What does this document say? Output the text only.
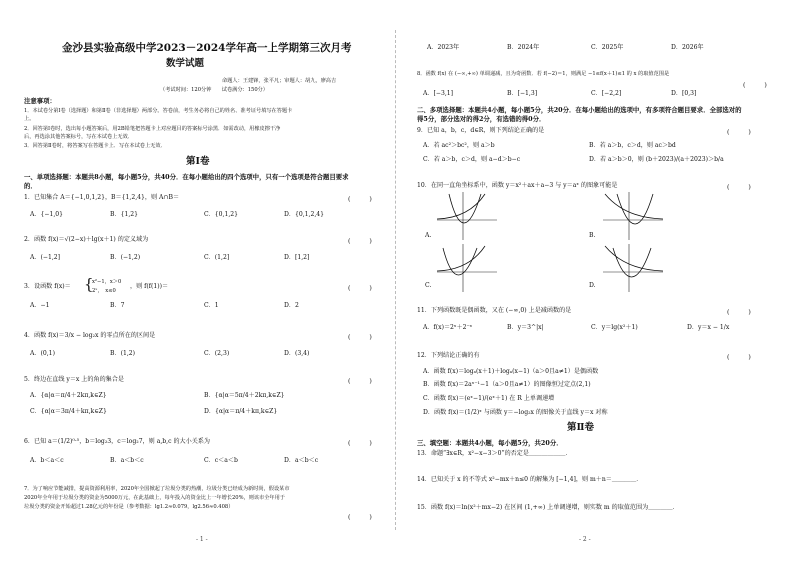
金沙县实验高级中学2023－2024学年高一上学期第三次月考
数学试题
命题人：王建锋，张平凡；审题人：胡九，廖高吉
（考试时间：120分钟　　试卷满分：150分）
注意事项：
1．本试卷分第Ⅰ卷（选择题）和第Ⅱ卷（非选择题）两部分。答卷前，考生务必将自己的姓名、准考证号填写在答题卡
上。
2．回答第Ⅰ卷时，选出每小题答案后，用2B铅笔把答题卡上对应题目的答案标号涂黑．如需改动，用橡皮擦干净
后，再选涂其他答案标号，写在本试卷上无效．
3．回答第Ⅱ卷时，将答案写在答题卡上．写在本试卷上无效．
第Ⅰ卷
一、单项选择题：本题共8小题，每小题5分，共40分．在每小题给出的四个选项中，只有一个选项是符合题目要求
的．
1．已知集合 A＝{−1,0,1,2}，B＝{1,2,4}，则 A∩B＝	(　　　)
A．{−1,0}	B．{1,2}	C．{0,1,2}	D．{0,1,2,4}
2．函数 f(x)＝√(2−x)＋lg(x＋1) 的定义域为	(　　　)
A．(−1,2]	B．(−1,2)	C．(1,2]	D．[1,2]
3．设函数 f(x)＝ {
x²−1，x＞0
2ˣ，　x≤0
，则 f(f(1))＝	(　　　)
A．−1	B．7	C．1	D．2
4．函数 f(x)＝3/x − log₂x 的零点所在的区间是	(　　　)
A．(0,1)	B．(1,2)	C．(2,3)	D．(3,4)
5．终边在直线 y＝x 上的角的集合是	(　　　)
A．{α|α＝π/4＋2kπ,k∈Z}	B．{α|α＝5π/4＋2kπ,k∈Z}
C．{α|α＝3π/4＋kπ,k∈Z}	D．{α|α＝π/4＋kπ,k∈Z}
6．已知 a＝(1/2)⁰·⁵，b＝log₂3，c＝log₂7，则 a,b,c 的大小关系为	(　　　)
A．b＜a＜c	B．a＜b＜c	C．c＜a＜b	D．a＜b＜c
7．为了响应节能减排，提高资源利用率，2020年全国掀起了垃圾分类的热潮，垃圾分类已经成为新时尚，假设某市
2020年全年用于垃圾分类的资金为5000万元，在此基础上，每年投入的资金比上一年增长20%，则该市全年用于
垃圾分类的资金开始超过1.28亿元的年份是（参考数据：lg1.2≈0.079，lg2.56≈0.408）
(　　　)
- 1 -
A．2023年	B．2024年	C．2025年	D．2026年
8．函数 f(x) 在 (−∞,+∞) 单调递减，且为奇函数．若 f(−2)＝1，则满足 −1≤f(x＋1)≤1 的 x 的取值范围是
(　　　)
A．[−3,1]	B．[−1,3]	C．[−2,2]	D．[0,3]
二、多项选择题：本题共4小题，每小题5分，共20分．在每小题给出的选项中，有多项符合题目要求．全部选对的
得5分，部分选对的得2分，有选错的得0分．
9．已知 a，b，c，d∈R，则下列结论正确的是	(　　　)
A．若 ac²＞bc²，则 a＞b	B．若 a＞b，c＞d，则 ac＞bd
C．若 a＞b，c＞d，则 a−d＞b−c	D．若 a＞b＞0，则 (b＋2023)/(a＋2023)＞b/a
10．在同一直角坐标系中，函数 y＝x²＋ax＋a−3 与 y＝aˣ 的图象可能是	(　　　)
A.	B.
C.	D.
11．下列函数既是偶函数，又在 (−∞,0) 上是减函数的是	(　　　)
A．f(x)＝2ˣ＋2⁻ˣ	B．y＝3^|x|	C．y＝lg(x²＋1)	D．y＝x − 1/x
12．下列结论正确的有	(　　　)
A．函数 f(x)＝logₐ(x＋1)＋logₐ(x−1)（a＞0且a≠1）是偶函数
B．函数 f(x)＝2aˣ⁻¹−1（a＞0且a≠1）的图像恒过定点(2,1)
C．函数 f(x)＝(eˣ−1)/(eˣ＋1) 在 R 上单调递增
D．函数 f(x)＝(1/2)ˣ 与函数 y＝−log₂x 的图像关于直线 y＝x 对称
第Ⅱ卷
三、填空题：本题共4小题，每小题5分，共20分．
13．命题“∃x∈R，x²−x−3＞0”的否定是＿＿＿＿＿＿．
14．已知关于 x 的不等式 x²−mx＋n≤0 的解集为 [−1,4]，则 m＋n＝＿＿＿＿．
15．函数 f(x)＝ln(x²＋mx−2) 在区间 (1,+∞) 上单调递增，则实数 m 的取值范围为＿＿＿＿．
- 2 -
